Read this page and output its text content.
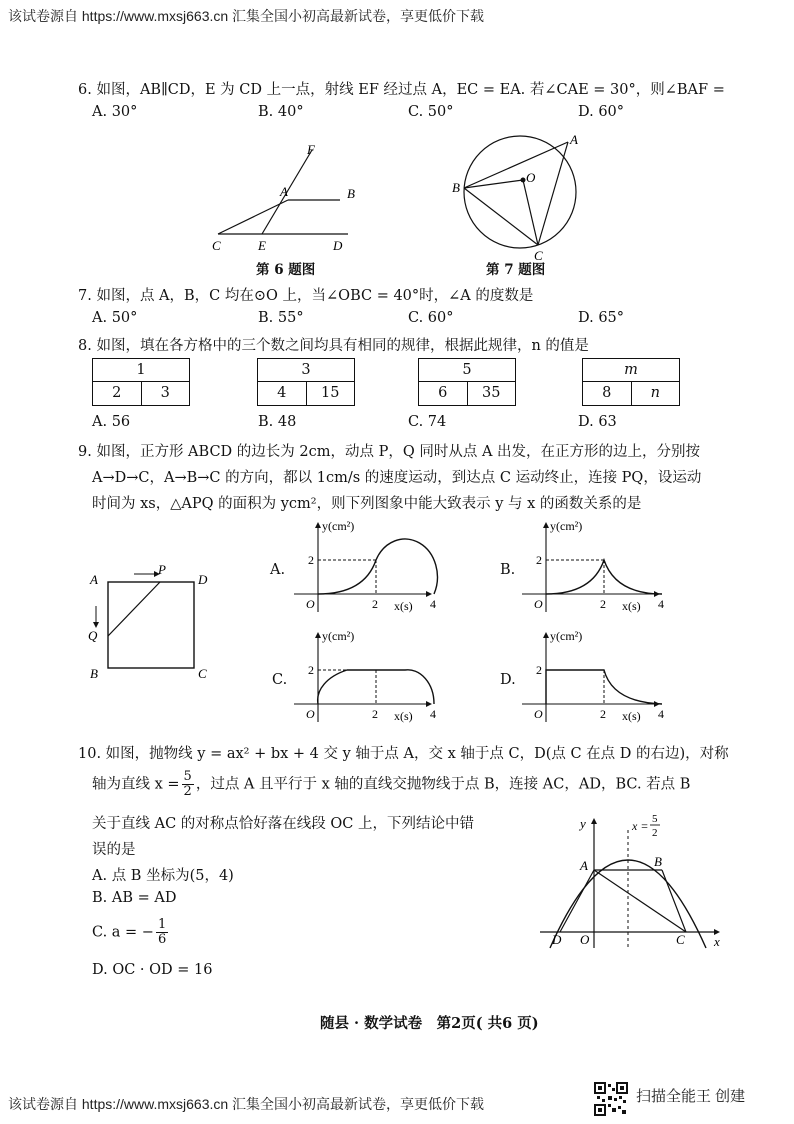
该试卷源自 https://www.mxsj663.cn 汇集全国小初高最新试卷，享更低价下载
6. 如图，AB∥CD，E 为 CD 上一点，射线 EF 经过点 A，EC = EA. 若∠CAE = 30°，则∠BAF =
A. 30°	B. 40°	C. 50°	D. 60°
F
A	B
C	E	D
第 6 题图
A
B
O
C
第 7 题图
7. 如图，点 A，B，C 均在⊙O 上，当∠OBC = 40°时，∠A 的度数是
A. 50°	B. 55°	C. 60°	D. 65°
8. 如图，填在各方格中的三个数之间均具有相同的规律，根据此规律，n 的值是
1
2	3
3
4	15
5
6	35
m
8	n
A. 56	B. 48	C. 74	D. 63
9. 如图，正方形 ABCD 的边长为 2cm，动点 P，Q 同时从点 A 出发，在正方形的边上，分别按
A→D→C，A→B→C 的方向，都以 1cm/s 的速度运动，到达点 C 运动终止，连接 PQ，设运动
时间为 xs，△APQ 的面积为 ycm²，则下列图象中能大致表示 y 与 x 的函数关系的是
A
P
D
Q
B	C
A.	B.
C.	D.
y(cm²)
x(s)
O	2	4
2
y(cm²)
x(s)
O	2	4
2
y(cm²)
x(s)
O	2	4
2
y(cm²)
x(s)
O	2	4
2
10. 如图，抛物线 y = ax² + bx + 4 交 y 轴于点 A，交 x 轴于点 C，D(点 C 在点 D 的右边)，对称
轴为直线 $x = \frac{5}{2}$ ，过点 A 且平行于 x 轴的直线交抛物线于点 B，连接 AC，AD，BC. 若点 B
关于直线 AC 的对称点恰好落在线段 OC 上，下列结论中错
误的是
A. 点 B 坐标为(5，4)
B. AB = AD
C. a = − $\frac{1}{6}$
D. OC · OD = 16
y
A	B
D O	C x
x = 5
2
随县 · 数学试卷　第2页( 共6 页)
该试卷源自 https://www.mxsj663.cn 汇集全国小初高最新试卷，享更低价下载	扫描全能王 创建
